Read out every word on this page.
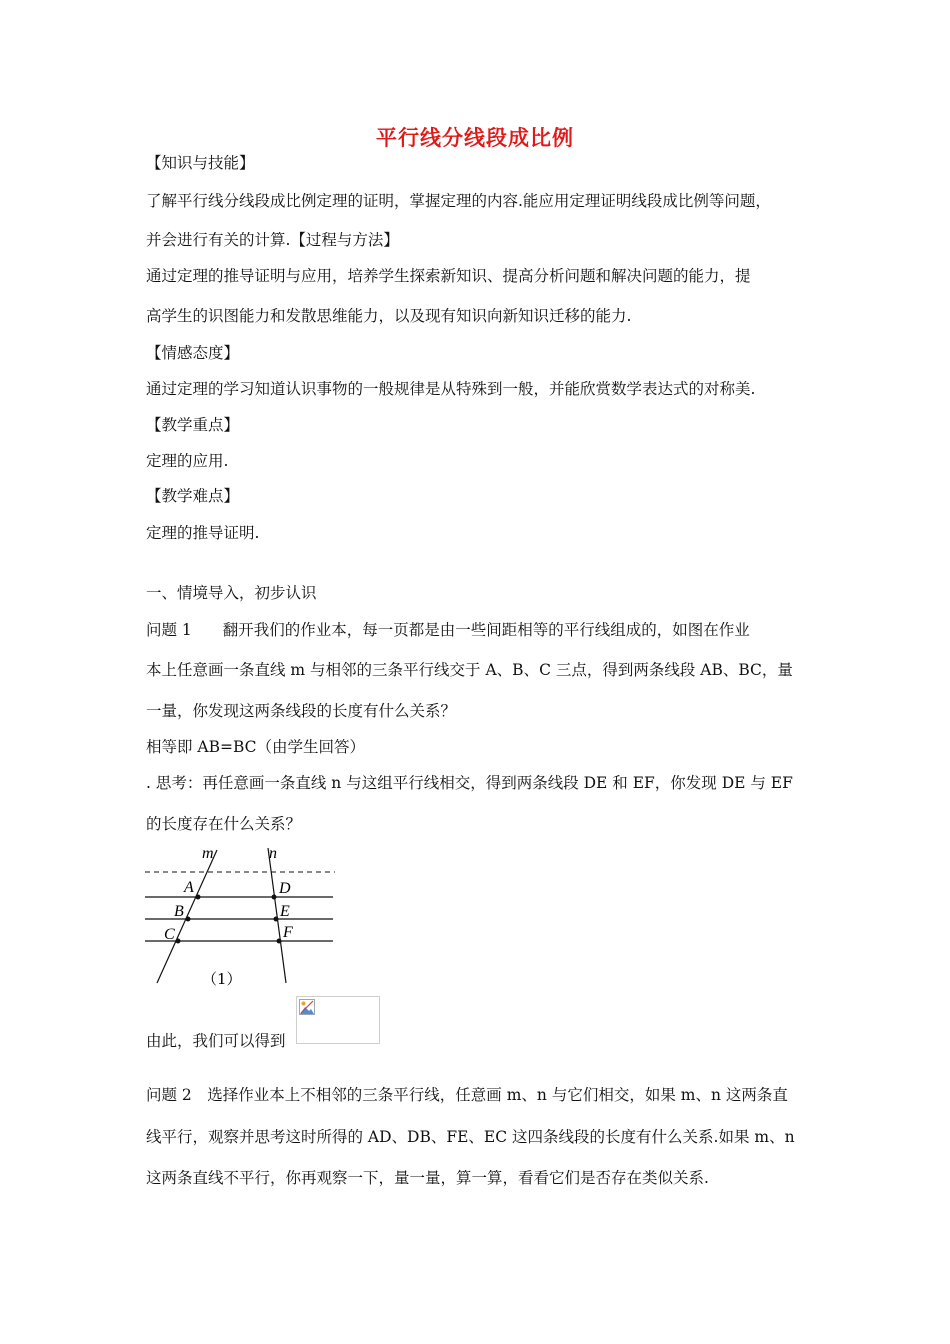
平行线分线段成比例
【知识与技能】
了解平行线分线段成比例定理的证明，掌握定理的内容.能应用定理证明线段成比例等问题，
并会进行有关的计算.【过程与方法】
通过定理的推导证明与应用，培养学生探索新知识、提高分析问题和解决问题的能力，提
高学生的识图能力和发散思维能力，以及现有知识向新知识迁移的能力.
【情感态度】
通过定理的学习知道认识事物的一般规律是从特殊到一般，并能欣赏数学表达式的对称美.
【教学重点】
定理的应用.
【教学难点】
定理的推导证明.
一、情境导入，初步认识
问题 1　　翻开我们的作业本，每一页都是由一些间距相等的平行线组成的，如图在作业
本上任意画一条直线 m 与相邻的三条平行线交于 A、B、C 三点，得到两条线段 AB、BC，量
一量，你发现这两条线段的长度有什么关系？
相等即 AB=BC（由学生回答）
. 思考：再任意画一条直线 n 与这组平行线相交，得到两条线段 DE 和 EF，你发现 DE 与 EF
的长度存在什么关系？
m	n
A
B
C
D
E
F
（1）
由此，我们可以得到
问题 2　选择作业本上不相邻的三条平行线，任意画 m、n 与它们相交，如果 m、n 这两条直
线平行，观察并思考这时所得的 AD、DB、FE、EC 这四条线段的长度有什么关系.如果 m、n
这两条直线不平行，你再观察一下，量一量，算一算，看看它们是否存在类似关系.
